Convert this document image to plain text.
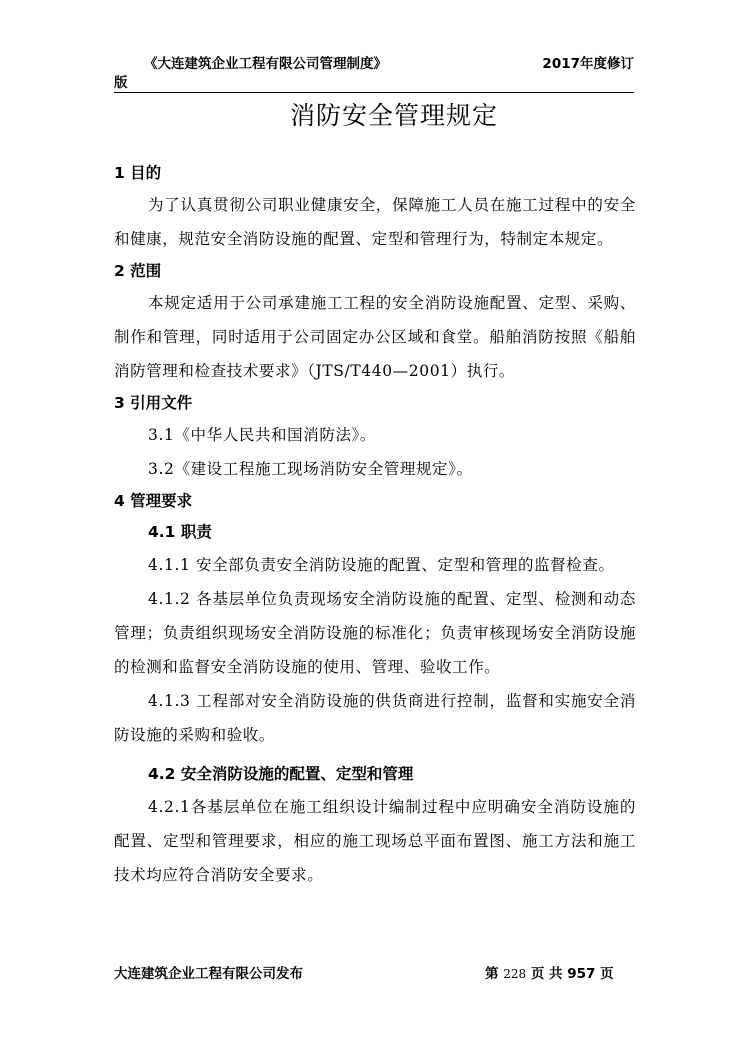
《大连建筑企业工程有限公司管理制度》	2017年度修订
版
消防安全管理规定

1 目的

为了认真贯彻公司职业健康安全，保障施工人员在施工过程中的安全和健康，规范安全消防设施的配置、定型和管理行为，特制定本规定。

2 范围

本规定适用于公司承建施工工程的安全消防设施配置、定型、采购、制作和管理，同时适用于公司固定办公区域和食堂。船舶消防按照《船舶消防管理和检查技术要求》（JTS/T440—2001）执行。

3 引用文件

3.1《中华人民共和国消防法》。

3.2《建设工程施工现场消防安全管理规定》。

4 管理要求

4.1 职责

4.1.1 安全部负责安全消防设施的配置、定型和管理的监督检查。

4.1.2 各基层单位负责现场安全消防设施的配置、定型、检测和动态管理；负责组织现场安全消防设施的标准化；负责审核现场安全消防设施的检测和监督安全消防设施的使用、管理、验收工作。

4.1.3 工程部对安全消防设施的供货商进行控制，监督和实施安全消防设施的采购和验收。

4.2 安全消防设施的配置、定型和管理

4.2.1各基层单位在施工组织设计编制过程中应明确安全消防设施的配置、定型和管理要求，相应的施工现场总平面布置图、施工方法和施工技术均应符合消防安全要求。

大连建筑企业工程有限公司发布	第 228 页 共 957 页
